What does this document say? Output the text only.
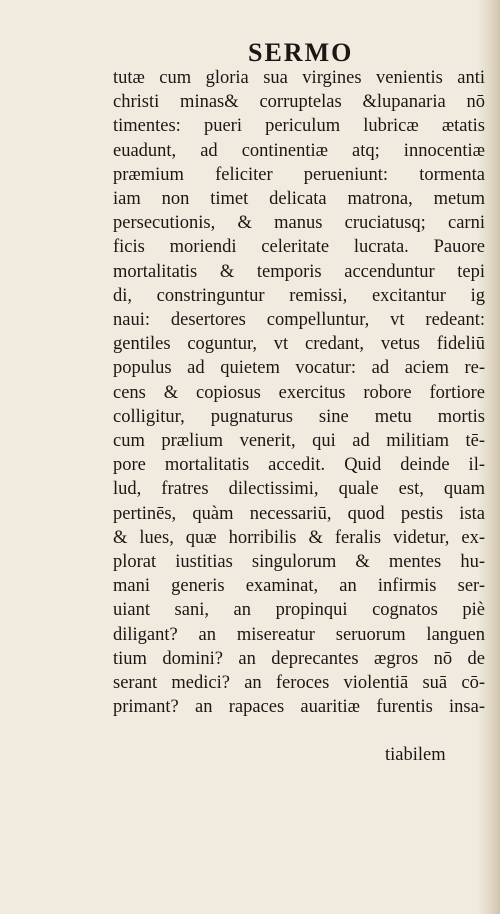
SERMO
tutæ cum gloria sua virgines venientis anti
christi minas& corruptelas &lupanaria nō
timentes: pueri periculum lubricæ ætatis
euadunt, ad continentiæ atq; innocentiæ
præmium feliciter perueniunt: tormenta
iam non timet delicata matrona, metum
persecutionis, & manus cruciatusq; carni
ficis moriendi celeritate lucrata. Pauore
mortalitatis & temporis accenduntur tepi
di, constringuntur remissi, excitantur ig
naui: desertores compelluntur, vt redeant:
gentiles coguntur, vt credant, vetus fideliū
populus ad quietem vocatur: ad aciem re-
cens & copiosus exercitus robore fortiore
colligitur, pugnaturus sine metu mortis
cum prælium venerit, qui ad militiam tē-
pore mortalitatis accedit. Quid deinde il-
lud, fratres dilectissimi, quale est, quam
pertinēs, quàm necessariū, quod pestis ista
& lues, quæ horribilis & feralis videtur, ex-
plorat iustitias singulorum & mentes hu-
mani generis examinat, an infirmis ser-
uiant sani, an propinqui cognatos piè
diligant? an misereatur seruorum languen
tium domini? an deprecantes ægros nō de
serant medici? an feroces violentiā suā cō-
primant? an rapaces auaritiæ furentis insa-
tiabilem
